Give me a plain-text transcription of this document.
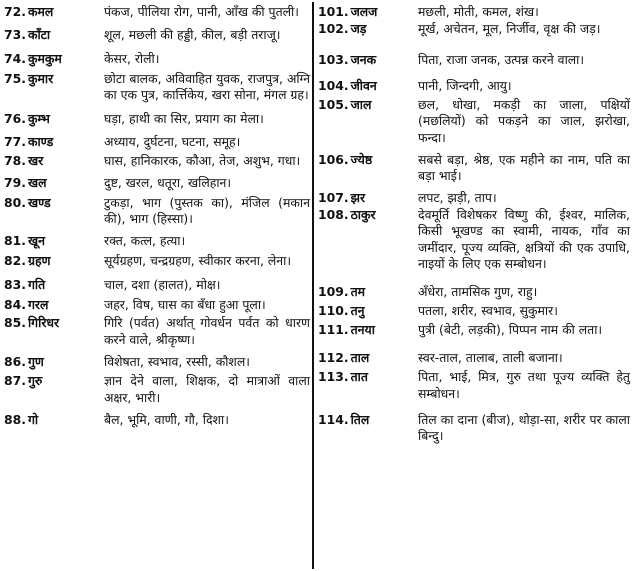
72. कमल	पंकज, पीलिया रोग, पानी, आँख की पुतली।
73. काँटा	शूल, मछली की हड्डी, कील, बड़ी तराजू।
74. कुमकुम	केसर, रोली।
75. कुमार	छोटा बालक, अविवाहित युवक, राजपुत्र, अग्नि का एक पुत्र, कार्त्तिकेय, खरा सोना, मंगल ग्रह।
76. कुम्भ	घड़ा, हाथी का सिर, प्रयाग का मेला।
77. काण्ड	अध्याय, दुर्घटना, घटना, समूह।
78. खर	घास, हानिकारक, कौआ, तेज, अशुभ, गधा।
79. खल	दुष्ट, खरल, धतूरा, खलिहान।
80. खण्ड	टुकड़ा, भाग (पुस्तक का), मंजिल (मकान की), भाग (हिस्सा)।
81. खून	रक्त, कत्ल, हत्या।
82. ग्रहण	सूर्यग्रहण, चन्द्रग्रहण, स्वीकार करना, लेना।
83. गति	चाल, दशा (हालत), मोक्ष।
84. गरल	जहर, विष, घास का बँधा हुआ पूला।
85. गिरिधर	गिरि (पर्वत) अर्थात् गोवर्धन पर्वत को धारण करने वाले, श्रीकृष्ण।
86. गुण	विशेषता, स्वभाव, रस्सी, कौशल।
87. गुरु	ज्ञान देने वाला, शिक्षक, दो मात्राओं वाला अक्षर, भारी।
88. गो	बैल, भूमि, वाणी, गौ, दिशा।
101. जलज	मछली, मोती, कमल, शंख।
102. जड़	मूर्ख, अचेतन, मूल, निर्जीव, वृक्ष की जड़।
103. जनक	पिता, राजा जनक, उत्पन्न करने वाला।
104. जीवन	पानी, जिन्दगी, आयु।
105. जाल	छल, धोखा, मकड़ी का जाला, पक्षियों (मछलियों) को पकड़ने का जाल, झरोखा, फन्दा।
106. ज्येष्ठ	सबसे बड़ा, श्रेष्ठ, एक महीने का नाम, पति का बड़ा भाई।
107. झर	लपट, झड़ी, ताप।
108. ठाकुर	देवमूर्ति विशेषकर विष्णु की, ईश्वर, मालिक, किसी भूखण्ड का स्वामी, नायक, गाँव का जमींदार, पूज्य व्यक्ति, क्षत्रियों की एक उपाधि, नाइयों के लिए एक सम्बोधन।
109. तम	अँधेरा, तामसिक गुण, राहु।
110. तनु	पतला, शरीर, स्वभाव, सुकुमार।
111. तनया	पुत्री (बेटी, लड़की), पिप्पन नाम की लता।
112. ताल	स्वर-ताल, तालाब, ताली बजाना।
113. तात	पिता, भाई, मित्र, गुरु तथा पूज्य व्यक्ति हेतु सम्बोधन।
114. तिल	तिल का दाना (बीज), थोड़ा-सा, शरीर पर काला बिन्दु।
